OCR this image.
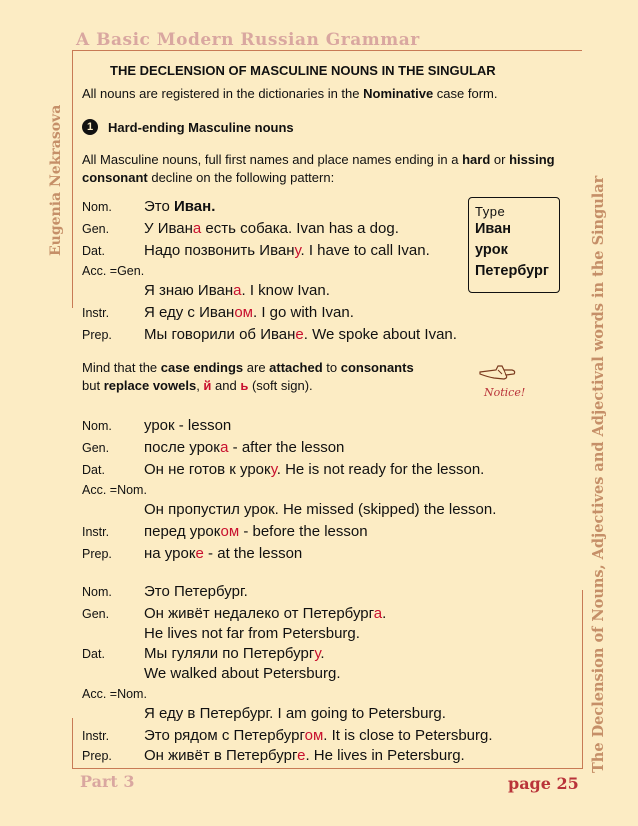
A Basic Modern Russian Grammar
Eugenia Nekrasova	The Declension of Nouns, Adjectives and Adjectival words in the Singular
THE DECLENSION OF MASCULINE NOUNS IN THE SINGULAR
All nouns are registered in the dictionaries in the Nominative case form.
1	Hard-ending Masculine nouns
All Masculine nouns, full first names and place names ending in a hard or hissing consonant decline on the following pattern:
Type
Иван
урок
Петербург
Mind that the case endings are attached to consonants
but replace vowels, й and ь (soft sign).	Notice!
Nom.	Это Иван.
Gen.	У Ивана есть собака. Ivan has a dog.
Dat.	Надо позвонить Ивану. I have to call Ivan.
Acc. =Gen.
Я знаю Ивана. I know Ivan.
Instr.	Я еду с Иваном. I go with Ivan.
Prep.	Мы говорили об Иване. We spoke about Ivan.
Nom.	урок - lesson
Gen.	после урока - after the lesson
Dat.	Он не готов к уроку. He is not ready for the lesson.
Acc. =Nom.
Он пропустил урок. He missed (skipped) the lesson.
Instr.	перед уроком - before the lesson
Prep.	на уроке - at the lesson
Nom.	Это Петербург.
Gen.	Он живёт недалеко от Петербурга.
He lives not far from Petersburg.
Dat.	Мы гуляли по Петербургу.
We walked about Petersburg.
Acc. =Nom.
Я еду в Петербург. I am going to Petersburg.
Instr.	Это рядом с Петербургом. It is close to Petersburg.
Prep.	Он живёт в Петербурге. He lives in Petersburg.
Part 3	page 25
